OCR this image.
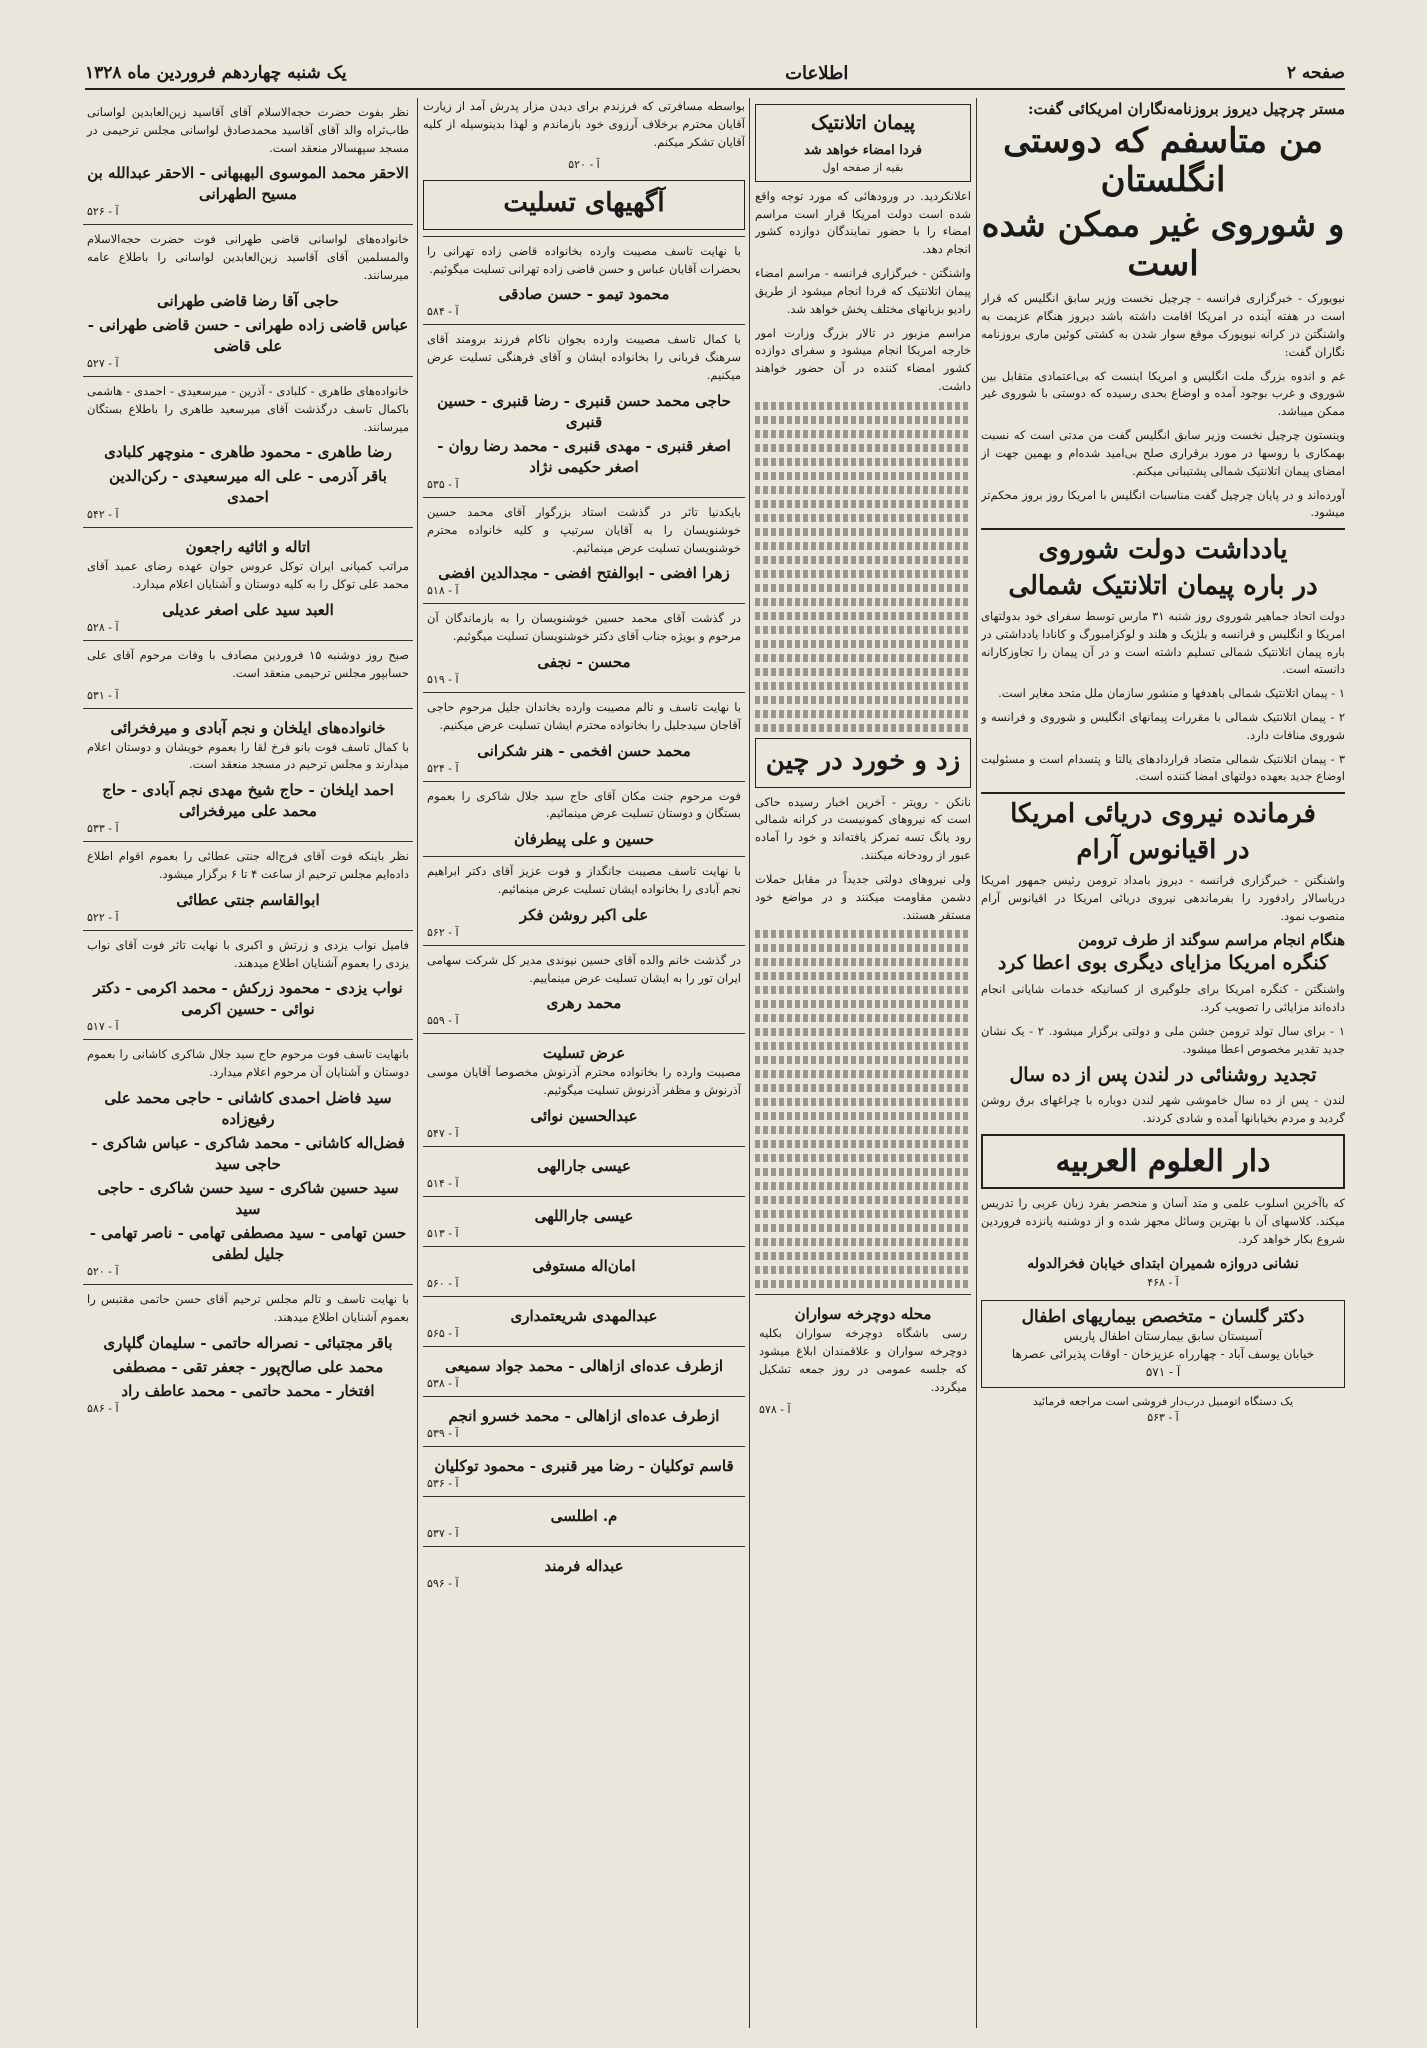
صفحه ۲
اطلاعات
یک شنبه چهاردهم فروردین ماه ۱۳۲۸
مستر چرچیل دیروز بروزنامه‌نگاران امریکائی گفت:
من متاسفم که دوستی انگلستان
و شوروی غیر ممکن شده است

نیویورک - خبرگزاری فرانسه - چرچیل نخست وزیر سابق انگلیس که قرار است در هفته آینده در امریکا اقامت داشته باشد دیروز هنگام عزیمت به واشنگتن در کرانه نیویورک موقع سوار شدن به کشتی کوئین ماری بروزنامه نگاران گفت:

غم و اندوه بزرگ ملت انگلیس و امریکا اینست که بی‌اعتمادی متقابل بین شوروی و غرب بوجود آمده و اوضاع بحدی رسیده که دوستی با شوروی غیر ممکن میباشد.

وینستون چرچیل نخست وزیر سابق انگلیس گفت من مدتی است که نسبت بهمکاری با روسها در مورد برقراری صلح بی‌امید شده‌ام و بهمین جهت از امضای پیمان اتلانتیک شمالی پشتیبانی میکنم.

آورده‌اند و در پایان چرچیل گفت مناسبات انگلیس با امریکا روز بروز محکم‌تر میشود.

یادداشت دولت شوروی
در باره پیمان اتلانتیک شمالی

دولت اتحاد جماهیر شوروی روز شنبه ۳۱ مارس توسط سفرای خود بدولتهای امریکا و انگلیس و فرانسه و بلژیک و هلند و لوکزامبورگ و کانادا یادداشتی در باره پیمان اتلانتیک شمالی تسلیم داشته است و در آن پیمان را تجاوزکارانه دانسته است.

۱ - پیمان اتلانتیک شمالی باهدفها و منشور سازمان ملل متحد مغایر است.

۲ - پیمان اتلانتیک شمالی با مقررات پیمانهای انگلیس و شوروی و فرانسه و شوروی منافات دارد.

۳ - پیمان اتلانتیک شمالی متضاد قراردادهای یالتا و پتسدام است و مسئولیت اوضاع جدید بعهده دولتهای امضا کننده است.

فرمانده نیروی دریائی امریکا
در اقیانوس آرام

واشنگتن - خبرگزاری فرانسه - دیروز بامداد ترومن رئیس جمهور امریکا دریاسالار رادفورد را بفرماندهی نیروی دریائی امریکا در اقیانوس آرام منصوب نمود.

هنگام انجام مراسم سوگند از طرف ترومن
کنگره امریکا مزایای دیگری بوی اعطا کرد

واشنگتن - کنگره امریکا برای جلوگیری از کسانیکه خدمات شایانی انجام داده‌اند مزایائی را تصویب کرد.

۱ - برای سال تولد ترومن جشن ملی و دولتی برگزار میشود. ۲ - یک نشان جدید تقدیر مخصوص اعطا میشود.

تجدید روشنائی در لندن پس از ده سال

لندن - پس از ده سال خاموشی شهر لندن دوباره با چراغهای برق روشن گردید و مردم بخیابانها آمده و شادی کردند.

دار العلوم العربیه

که باآخرین اسلوب علمی و متد آسان و منحصر بفرد زبان عربی را تدریس میکند. کلاسهای آن با بهترین وسائل مجهز شده و از دوشنبه پانزده فروردین شروع بکار خواهد کرد.

نشانی دروازه شمیران ابتدای خیابان فخرالدوله
آ - ۴۶۸
دکتر گلسان - متخصص بیماریهای اطفال
آسیستان سابق بیمارستان اطفال پاریس
خیابان یوسف آباد - چهارراه عزیزخان - اوقات پذیرائی عصرها
آ - ۵۷۱
یک دستگاه اتومبیل درب‌دار فروشی است مراجعه فرمائید
آ - ۵۶۳
پیمان اتلانتیک
فردا امضاء خواهد شد
بقیه از صفحه اول

اعلانکردید. در ورودهائی که مورد توجه واقع شده است دولت امریکا قرار است مراسم امضاء را با حضور نمایندگان دوازده کشور انجام دهد.

واشنگتن - خبرگزاری فرانسه - مراسم امضاء پیمان اتلانتیک که فردا انجام میشود از طریق رادیو بزبانهای مختلف پخش خواهد شد.

مراسم مزبور در تالار بزرگ وزارت امور خارجه امریکا انجام میشود و سفرای دوازده کشور امضاء کننده در آن حضور خواهند داشت.

زد و خورد در چین

نانکن - رویتر - آخرین اخبار رسیده حاکی است که نیروهای کمونیست در کرانه شمالی رود یانگ تسه تمرکز یافته‌اند و خود را آماده عبور از رودخانه میکنند.

ولی نیروهای دولتی جدیداً در مقابل حملات دشمن مقاومت میکنند و در مواضع خود مستقر هستند.

محله دوچرخه سواران

رسی باشگاه دوچرخه سواران بکلیه دوچرخه سواران و علاقمندان ابلاغ میشود که جلسه عمومی در روز جمعه تشکیل میگردد.

آ - ۵۷۸

بواسطه مسافرتی که فرزندم برای دیدن مزار پدرش آمد از زیارت آقایان محترم برخلاف آرزوی خود بازماندم و لهذا بدینوسیله از کلیه آقایان تشکر میکنم.

آ - ۵۲۰
آگهیهای تسلیت

با نهایت تاسف مصیبت وارده بخانواده قاضی زاده تهرانی را بحضرات آقایان عباس و حسن قاضی زاده تهرانی تسلیت میگوئیم.

محمود تیمو - حسن صادقی
آ - ۵۸۴

با کمال تاسف مصیبت وارده بجوان ناکام فرزند برومند آقای سرهنگ قربانی را بخانواده ایشان و آقای فرهنگی تسلیت عرض میکنیم.

حاجی محمد حسن قنبری - رضا قنبری - حسین قنبری
اصغر قنبری - مهدی قنبری - محمد رضا روان - اصغر حکیمی نژاد
آ - ۵۳۵

بایکدنیا تاثر در گذشت استاد بزرگوار آقای محمد حسین خوشنویسان را به آقایان سرتیپ و کلیه خانواده محترم خوشنویسان تسلیت عرض مینمائیم.

زهرا افضی - ابوالفتح افضی - مجدالدین افضی
آ - ۵۱۸

در گذشت آقای محمد حسین خوشنویسان را به بازماندگان آن مرحوم و بویژه جناب آقای دکتر خوشنویسان تسلیت میگوئیم.

محسن - نجفی
آ - ۵۱۹

با نهایت تاسف و تالم مصیبت وارده بخاندان جلیل مرحوم حاجی آقاجان سیدجلیل را بخانواده محترم ایشان تسلیت عرض میکنیم.

محمد حسن افخمی - هنر شکرانی
آ - ۵۲۴

فوت مرحوم جنت مکان آقای حاج سید جلال شاکری را بعموم بستگان و دوستان تسلیت عرض مینمائیم.

حسین و علی پیطرفان

با نهایت تاسف مصیبت جانگداز و فوت عزیز آقای دکتر ابراهیم نجم آبادی را بخانواده ایشان تسلیت عرض مینمائیم.

علی اکبر روشن فکر
آ - ۵۶۲

در گذشت خانم والده آقای حسین نیوندی مدیر کل شرکت سهامی ایران تور را به ایشان تسلیت عرض مینماییم.

محمد رهری
آ - ۵۵۹
عرض تسلیت

مصیبت وارده را بخانواده محترم آذرنوش مخصوصا آقایان موسی آذرنوش و مظفر آذرنوش تسلیت میگوئیم.

عبدالحسین نوائی
آ - ۵۴۷
عیسی جارالهی
آ - ۵۱۴
عیسی جاراللهی
آ - ۵۱۳
امان‌اله مستوفی
آ - ۵۶۰
عبدالمهدی شریعتمداری
آ - ۵۶۵
ازطرف عده‌ای ازاهالی - محمد جواد سمیعی
آ - ۵۳۸
ازطرف عده‌ای ازاهالی - محمد خسرو انجم
آ - ۵۳۹
قاسم توکلیان - رضا میر قنبری - محمود توکلیان
آ - ۵۳۶
م. اطلسی
آ - ۵۳۷
عبداله فرمند
آ - ۵۹۶

نظر بفوت حضرت حجه‌الاسلام آقای آقاسید زین‌العابدین لواسانی طاب‌ثراه والد آقای آقاسید محمدصادق لواسانی مجلس ترحیمی در مسجد سپهسالار منعقد است.

الاحقر محمد الموسوی البهبهانی - الاحقر عبدالله بن مسیح الطهرانی
آ - ۵۲۶

خانواده‌های لواسانی قاضی طهرانی فوت حضرت حجه‌الاسلام والمسلمین آقای آقاسید زین‌العابدین لواسانی را باطلاع عامه میرسانند.

حاجی آقا رضا قاضی طهرانی
عباس قاضی زاده طهرانی - حسن قاضی طهرانی - علی قاضی
آ - ۵۲۷

خانواده‌های طاهری - کلبادی - آذرین - میرسعیدی - احمدی - هاشمی باکمال تاسف درگذشت آقای میرسعید طاهری را باطلاع بستگان میرسانند.

رضا طاهری - محمود طاهری - منوچهر کلبادی
باقر آذرمی - علی اله میرسعیدی - رکن‌الدین احمدی
آ - ۵۴۲
اتاله و اثاثیه راجعون

مراتب کمپانی ایران توکل عروس جوان عهده رضای عمید آقای محمد علی توکل را به کلیه دوستان و آشنایان اعلام میدارد.

العبد سید علی اصغر عدیلی
آ - ۵۲۸

صبح روز دوشنبه ۱۵ فروردین مصادف با وفات مرحوم آقای علی حسابپور مجلس ترحیمی منعقد است.

آ - ۵۳۱
خانواده‌های ایلخان و نجم آبادی و میرفخرائی

با کمال تاسف فوت بانو فرخ لقا را بعموم خویشان و دوستان اعلام میدارند و مجلس ترحیم در مسجد منعقد است.

احمد ایلخان - حاج شیخ مهدی نجم آبادی - حاج محمد علی میرفخرائی
آ - ۵۳۳

نظر باینکه فوت آقای فرج‌اله جنتی عطائی را بعموم اقوام اطلاع داده‌ایم مجلس ترحیم از ساعت ۴ تا ۶ برگزار میشود.

ابوالقاسم جنتی عطائی
آ - ۵۲۲

فامیل نواب یزدی و زرتش و اکبری با نهایت تاثر فوت آقای نواب یزدی را بعموم آشنایان اطلاع میدهند.

نواب یزدی - محمود زرکش - محمد اکرمی - دکتر نوائی - حسین اکرمی
آ - ۵۱۷

بانهایت تاسف فوت مرحوم حاج سید جلال شاکری کاشانی را بعموم دوستان و آشنایان آن مرحوم اعلام میدارد.

سید فاضل احمدی کاشانی - حاجی محمد علی رفیع‌زاده
فضل‌اله کاشانی - محمد شاکری - عباس شاکری - حاجی سید
سید حسین شاکری - سید حسن شاکری - حاجی سید
حسن تهامی - سید مصطفی تهامی - ناصر تهامی - جلیل لطفی
آ - ۵۲۰

با نهایت تاسف و تالم مجلس ترحیم آقای حسن حاتمی مقتبس را بعموم آشنایان اطلاع میدهند.

باقر مجتبائی - نصراله حاتمی - سلیمان گلپاری
محمد علی صالح‌پور - جعفر تقی - مصطفی
افتخار - محمد حاتمی - محمد عاطف راد
آ - ۵۸۶
